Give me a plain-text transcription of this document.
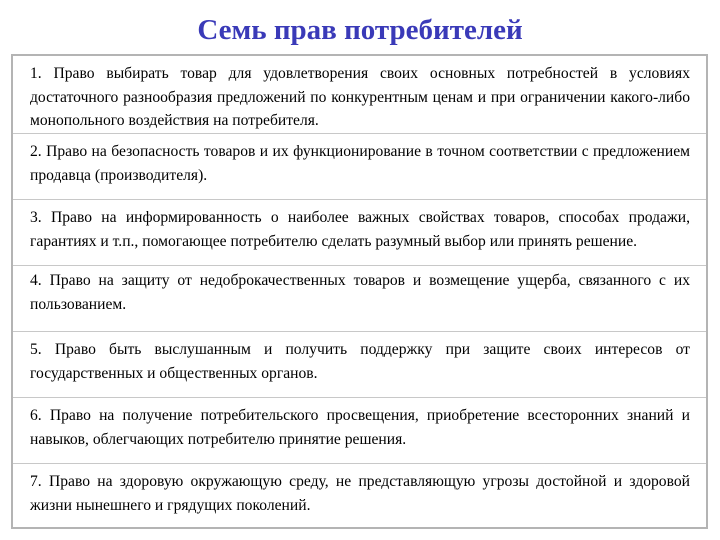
Семь прав потребителей
1. Право выбирать товар для удовлетворения своих основных потребностей в условиях достаточного разнообразия предложений по конкурентным ценам и при ограничении какого-либо монопольного воздействия на потребителя.
2. Право на безопасность товаров и их функционирование в точном соответствии с предложением продавца (производителя).
3. Право на информированность о наиболее важных свойствах товаров, способах продажи, гарантиях и т.п., помогающее потребителю сделать разумный выбор или принять решение.
4. Право на защиту от недоброкачественных товаров и возмещение ущерба, связанного с их пользованием.
5. Право быть выслушанным и получить поддержку при защите своих интересов от государственных и общественных органов.
6. Право на получение потребительского просвещения, приобретение всесторонних знаний и навыков, облегчающих потребителю принятие решения.
7. Право на здоровую окружающую среду, не представляющую угрозы достойной и здоровой жизни нынешнего и грядущих поколений.
